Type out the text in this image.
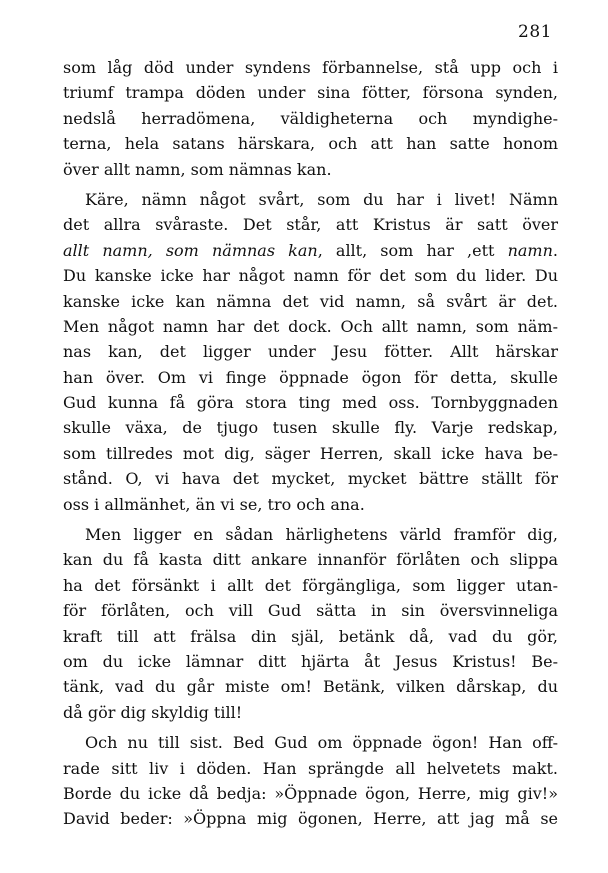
281
som låg död under syndens förbannelse, stå upp och i
triumf trampa döden under sina fötter, försona synden,
nedslå herradömena, väldigheterna och myndighe-
terna, hela satans härskara, och att han satte honom
över allt namn, som nämnas kan.
Käre, nämn något svårt, som du har i livet! Nämn
det allra svåraste. Det står, att Kristus är satt över
allt namn, som nämnas kan, allt, som har ,ett namn.
Du kanske icke har något namn för det som du lider. Du
kanske icke kan nämna det vid namn, så svårt är det.
Men något namn har det dock. Och allt namn, som näm-
nas kan, det ligger under Jesu fötter. Allt härskar
han över. Om vi finge öppnade ögon för detta, skulle
Gud kunna få göra stora ting med oss. Tornbyggnaden
skulle växa, de tjugo tusen skulle fly. Varje redskap,
som tillredes mot dig, säger Herren, skall icke hava be-
stånd. O, vi hava det mycket, mycket bättre ställt för
oss i allmänhet, än vi se, tro och ana.
Men ligger en sådan härlighetens värld framför dig,
kan du få kasta ditt ankare innanför förlåten och slippa
ha det försänkt i allt det förgängliga, som ligger utan-
för förlåten, och vill Gud sätta in sin översvinneliga
kraft till att frälsa din själ, betänk då, vad du gör,
om du icke lämnar ditt hjärta åt Jesus Kristus! Be-
tänk, vad du går miste om! Betänk, vilken dårskap, du
då gör dig skyldig till!
Och nu till sist. Bed Gud om öppnade ögon! Han off-
rade sitt liv i döden. Han sprängde all helvetets makt.
Borde du icke då bedja: »Öppnade ögon, Herre, mig giv!»
David beder: »Öppna mig ögonen, Herre, att jag må se
